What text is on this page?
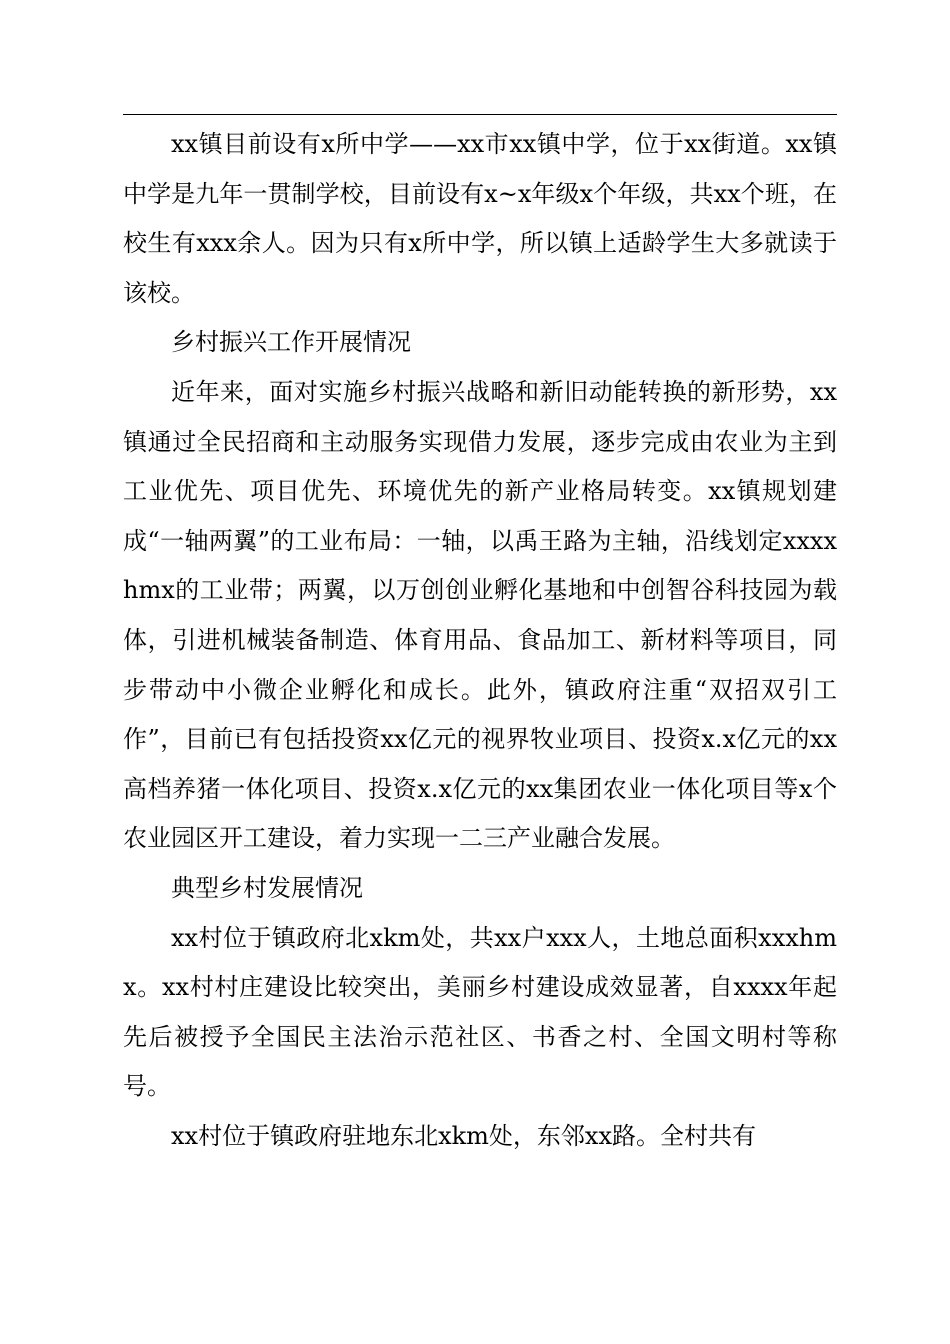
xx镇目前设有x所中学——xx市xx镇中学，位于xx街道。xx镇中学是九年一贯制学校，目前设有x~x年级x个年级，共xx个班，在校生有xxx余人。因为只有x所中学，所以镇上适龄学生大多就读于该校。

乡村振兴工作开展情况

近年来，面对实施乡村振兴战略和新旧动能转换的新形势，xx镇通过全民招商和主动服务实现借力发展，逐步完成由农业为主到工业优先、项目优先、环境优先的新产业格局转变。xx镇规划建成“一轴两翼”的工业布局：一轴，以禹王路为主轴，沿线划定xxxxhmx的工业带；两翼，以万创创业孵化基地和中创智谷科技园为载体，引进机械装备制造、体育用品、食品加工、新材料等项目，同步带动中小微企业孵化和成长。此外，镇政府注重“双招双引工作”，目前已有包括投资xx亿元的视界牧业项目、投资x.x亿元的xx高档养猪一体化项目、投资x.x亿元的xx集团农业一体化项目等x个农业园区开工建设，着力实现一二三产业融合发展。

典型乡村发展情况

xx村位于镇政府北xkm处，共xx户xxx人，土地总面积xxxhmx。xx村村庄建设比较突出，美丽乡村建设成效显著，自xxxx年起先后被授予全国民主法治示范社区、书香之村、全国文明村等称号。

xx村位于镇政府驻地东北xkm处，东邻xx路。全村共有
